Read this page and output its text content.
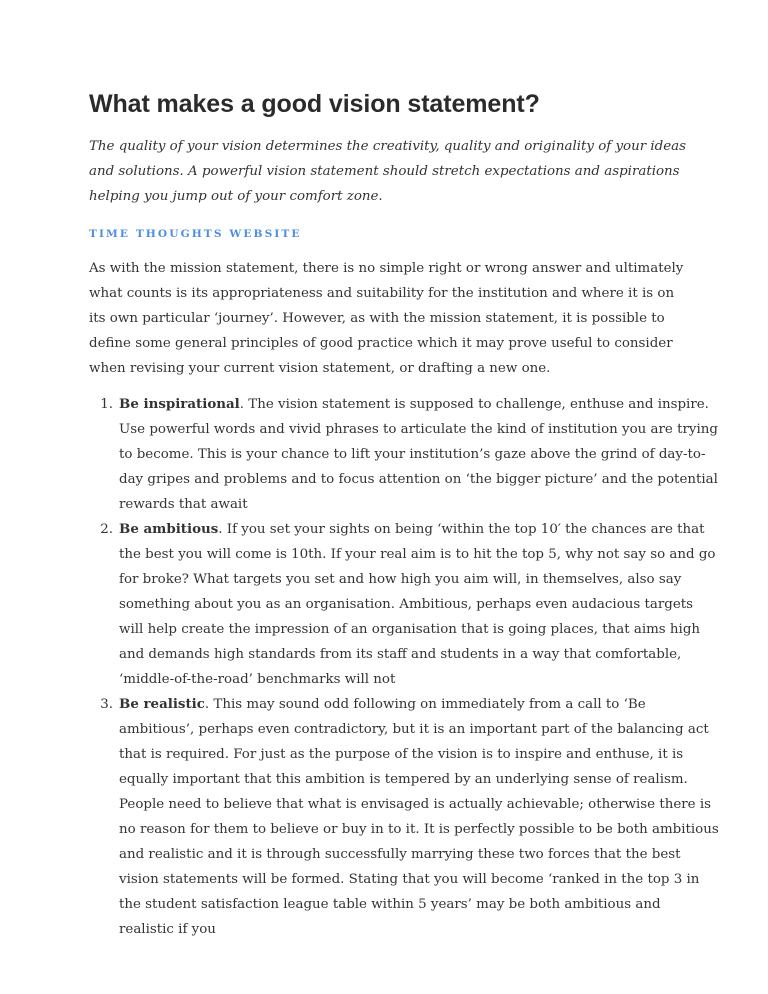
What makes a good vision statement?

The quality of your vision determines the creativity, quality and originality of your ideas and solutions. A powerful vision statement should stretch expectations and aspirations helping you jump out of your comfort zone.

TIME THOUGHTS WEBSITE

As with the mission statement, there is no simple right or wrong answer and ultimately what counts is its appropriateness and suitability for the institution and where it is on its own particular ‘journey’. However, as with the mission statement, it is possible to define some general principles of good practice which it may prove useful to consider when revising your current vision statement, or drafting a new one.

1. Be inspirational. The vision statement is supposed to challenge, enthuse and inspire. Use powerful words and vivid phrases to articulate the kind of institution you are trying to become. This is your chance to lift your institution’s gaze above the grind of day-to-day gripes and problems and to focus attention on ‘the bigger picture’ and the potential rewards that await
2. Be ambitious. If you set your sights on being ‘within the top 10′ the chances are that the best you will come is 10th. If your real aim is to hit the top 5, why not say so and go for broke? What targets you set and how high you aim will, in themselves, also say something about you as an organisation. Ambitious, perhaps even audacious targets will help create the impression of an organisation that is going places, that aims high and demands high standards from its staff and students in a way that comfortable, ‘middle-of-the-road’ benchmarks will not
3. Be realistic. This may sound odd following on immediately from a call to ‘Be ambitious’, perhaps even contradictory, but it is an important part of the balancing act that is required. For just as the purpose of the vision is to inspire and enthuse, it is equally important that this ambition is tempered by an underlying sense of realism. People need to believe that what is envisaged is actually achievable; otherwise there is no reason for them to believe or buy in to it. It is perfectly possible to be both ambitious and realistic and it is through successfully marrying these two forces that the best vision statements will be formed. Stating that you will become ‘ranked in the top 3 in the student satisfaction league table within 5 years’ may be both ambitious and realistic if you
